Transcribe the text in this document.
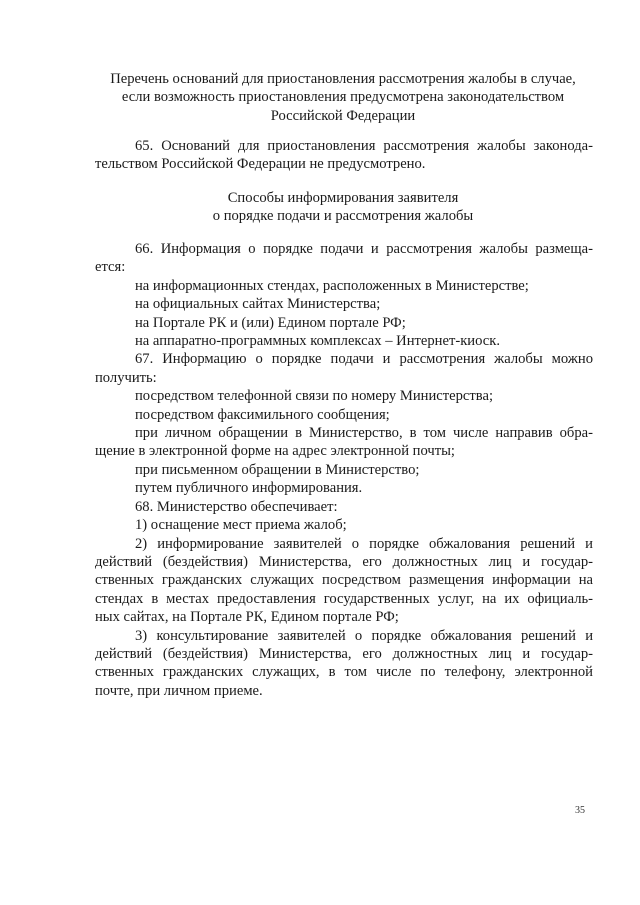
Перечень оснований для приостановления рассмотрения жалобы в случае,
если возможность приостановления предусмотрена законодательством
Российской Федерации
65. Оснований для приостановления рассмотрения жалобы законода-
тельством Российской Федерации не предусмотрено.
Способы информирования заявителя
о порядке подачи и рассмотрения жалобы
66. Информация о порядке подачи и рассмотрения жалобы размеща-
ется:
на информационных стендах, расположенных в Министерстве;
на официальных сайтах Министерства;
на Портале РК и (или) Едином портале РФ;
на аппаратно-программных комплексах – Интернет-киоск.
67. Информацию о порядке подачи и рассмотрения жалобы можно
получить:
посредством телефонной связи по номеру Министерства;
посредством факсимильного сообщения;
при личном обращении в Министерство, в том числе направив обра-
щение в электронной форме на адрес электронной почты;
при письменном обращении в Министерство;
путем публичного информирования.
68. Министерство обеспечивает:
1) оснащение мест приема жалоб;
2) информирование заявителей о порядке обжалования решений и
действий (бездействия) Министерства, его должностных лиц и государ-
ственных гражданских служащих посредством размещения информации на
стендах в местах предоставления государственных услуг, на их официаль-
ных сайтах, на Портале РК, Едином портале РФ;
3) консультирование заявителей о порядке обжалования решений и
действий (бездействия) Министерства, его должностных лиц и государ-
ственных гражданских служащих, в том числе по телефону, электронной
почте, при личном приеме.
35
